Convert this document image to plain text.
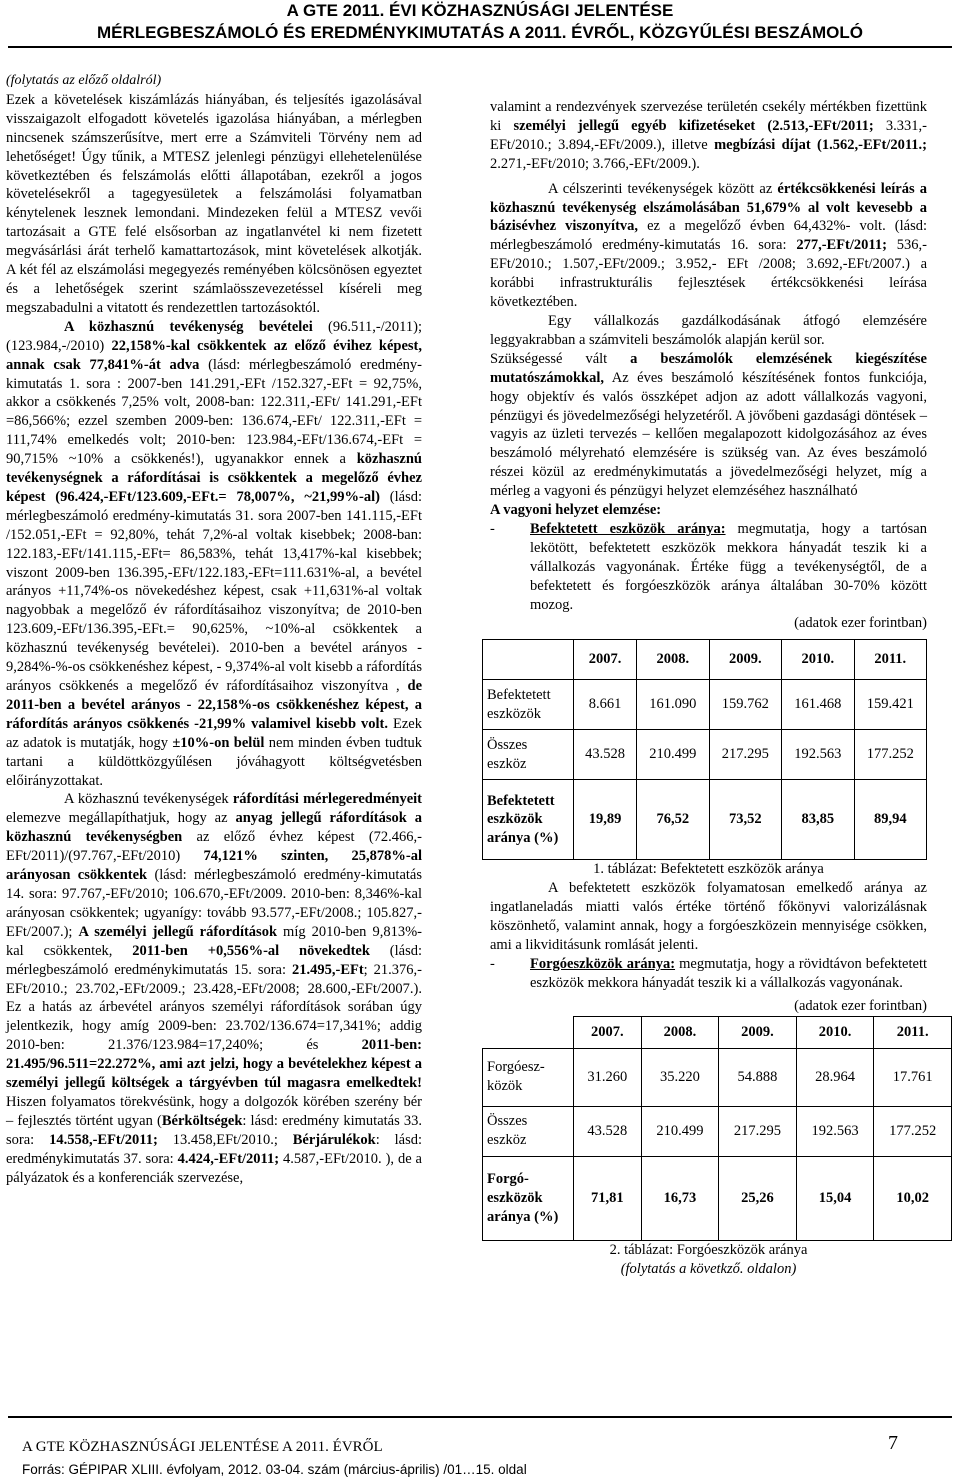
A GTE 2011. ÉVI KÖZHASZNÚSÁGI JELENTÉSE
MÉRLEGBESZÁMOLÓ ÉS EREDMÉNYKIMUTATÁS A 2011. ÉVRŐL, KÖZGYŰLÉSI BESZÁMOLÓ

(folytatás az előző oldalról)

Ezek a követelések kiszámlázás hiányában, és teljesítés igazolásával visszaigazolt elfogadott követelés igazolása hiányában, a mérlegben nincsenek számszerűsítve, mert erre a Számviteli Törvény nem ad lehetőséget! Úgy tűnik, a MTESZ jelenlegi pénzügyi ellehetelenülése következtében és felszámolás előtti állapotában, ezekről a jogos követelésekről a tagegyesületek a felszámolási folyamatban kénytelenek lesznek lemondani. Mindezeken felül a MTESZ vevői tartozásait a GTE felé elsősorban az ingatlanvétel ki nem fizetett megvásárlási árát terhelő kamattartozások, mint követelések alkotják. A két fél az elszámolási megegyezés reményében kölcsönösen egyeztet és a lehetőségek szerint számlaösszevezetéssel kíséreli meg megszabadulni a vitatott és rendezettlen tartozásoktól.

A közhasznú tevékenység bevételei (96.511,-/2011); (123.984,-/2010) 22,158%-kal csökkentek az előző évihez képest, annak csak 77,841%-át adva (lásd: mérlegbeszámoló eredmény-kimutatás 1. sora : 2007-ben 141.291,-EFt /152.327,-EFt = 92,75%, akkor a csökkenés 7,25% volt, 2008-ban: 122.311,-EFt/ 141.291,-EFt =86,566%; ezzel szemben 2009-ben: 136.674,-EFt/ 122.311,-EFt = 111,74% emelkedés volt; 2010-ben: 123.984,-EFt/136.674,-EFt = 90,715% ~10% a csökkenés!), ugyanakkor ennek a közhasznú tevékenységnek a ráfordításai is csökkentek a megelőző évhez képest (96.424,-EFt/123.609,-EFt.= 78,007%, ~21,99%-al) (lásd: mérlegbeszámoló eredmény-kimutatás 31. sora 2007-ben 141.115,-EFt /152.051,-EFt = 92,80%, tehát 7,2%-al voltak kisebbek; 2008-ban: 122.183,-EFt/141.115,-EFt= 86,583%, tehát 13,417%-kal kisebbek; viszont 2009-ben 136.395,-EFt/122.183,-EFt=111.631%-al, a bevétel arányos +11,74%-os növekedéshez képest, csak +11,631%-al voltak nagyobbak a megelőző év ráfordításaihoz viszonyítva; de 2010-ben 123.609,-EFt/136.395,-EFt.= 90,625%, ~10%-al csökkentek a közhasznú tevékenység bevételei). 2010-ben a bevétel arányos - 9,284%-%-os csökkenéshez képest, - 9,374%-al volt kisebb a ráfordítás arányos csökkenés a megelőző év ráfordításaihoz viszonyítva , de 2011-ben a bevétel arányos - 22,158%-os csökkenéshez képest, a ráfordítás arányos csökkenés -21,99% valamivel kisebb volt. Ezek az adatok is mutatják, hogy ±10%-on belül nem minden évben tudtuk tartani a küldöttközgyűlésen jóváhagyott költségvetésben előirányzottakat.

A közhasznú tevékenységek ráfordítási mérlegeredményeit elemezve megállapíthatjuk, hogy az anyag jellegű ráfordítások a közhasznú tevékenységben az előző évhez képest (72.466,-EFt/2011)/(97.767,-EFt/2010) 74,121% szinten, 25,878%-al arányosan csökkentek (lásd: mérlegbeszámoló eredmény-kimutatás 14. sora: 97.767,-EFt/2010; 106.670,-EFt/2009. 2010-ben: 8,346%-kal arányosan csökkentek; ugyanígy: tovább 93.577,-EFt/2008.; 105.827,-EFt/2007.); A személyi jellegű ráfordítások míg 2010-ben 9,813%-kal csökkentek, 2011-ben +0,556%-al növekedtek (lásd: mérlegbeszámoló eredménykimutatás 15. sora: 21.495,-EFt; 21.376,-EFt/2010.; 23.702,-EFt/2009.; 23.428,-EFt/2008; 28.600,-EFt/2007.). Ez a hatás az árbevétel arányos személyi ráfordítások sorában úgy jelentkezik, hogy amíg 2009-ben: 23.702/136.674=17,341%; addig 2010-ben: 21.376/123.984=17,240%; és 2011-ben: 21.495/96.511=22.272%, ami azt jelzi, hogy a bevételekhez képest a személyi jellegű költségek a tárgyévben túl magasra emelkedtek! Hiszen folyamatos törekvésünk, hogy a dolgozók körében szerény bér – fejlesztés történt ugyan (Bérköltségek: lásd: eredmény kimutatás 33. sora: 14.558,-EFt/2011; 13.458,EFt/2010.; Bérjárulékok: lásd: eredménykimutatás 37. sora: 4.424,-EFt/2011; 4.587,-EFt/2010. ), de a pályázatok és a konferenciák szervezése,

valamint a rendezvények szervezése területén csekély mértékben fizettünk ki személyi jellegű egyéb kifizetéseket (2.513,-EFt/2011; 3.331,-EFt/2010.; 3.894,-EFt/2009.), illetve megbízási díjat (1.562,-EFt/2011.; 2.271,-EFt/2010; 3.766,-EFt/2009.).

A célszerinti tevékenységek között az értékcsökkenési leírás a közhasznú tevékenység elszámolásában 51,679% al volt kevesebb a bázisévhez viszonyítva, ez a megelőző évben 64,432%- volt. (lásd: mérlegbeszámoló eredmény-kimutatás 16. sora: 277,-EFt/2011; 536,-EFt/2010.; 1.507,-EFt/2009.; 3.952,- EFt /2008; 3.692,-EFt/2007.) a korábbi infrastrukturális fejlesztések értékcsökkenési leírása következtében.

Egy vállalkozás gazdálkodásának átfogó elemzésére leggyakrabban a számviteli beszámolók alapján kerül sor.

Szükségessé vált a beszámolók elemzésének kiegészítése mutatószámokkal, Az éves beszámoló készítésének fontos funkciója, hogy objektív és valós összképet adjon az adott vállalkozás vagyoni, pénzügyi és jövedelmezőségi helyzetéről. A jövőbeni gazdasági döntések – vagyis az üzleti tervezés – kellően megalapozott kidolgozásához az éves beszámoló mélyreható elemzésére is szükség van. Az éves beszámoló részei közül az eredménykimutatás a jövedelmezőségi helyzet, míg a mérleg a vagyoni és pénzügyi helyzet elemzéséhez használható

A vagyoni helyzet elemzése:

- Befektetett eszközök aránya: megmutatja, hogy a tartósan lekötött, befektetett eszközök mekkora hányadát teszik ki a vállalkozás vagyonának. Értéke függ a tevékenységtől, de a befektetett és forgóeszközök aránya általában 30-70% között mozog.

(adatok ezer forintban)

	2007.	2008.	2009.	2010.	2011.
Befektetett eszközök	8.661	161.090	159.762	161.468	159.421
Összes eszköz	43.528	210.499	217.295	192.563	177.252
Befektetett eszközök aránya (%)	19,89	76,52	73,52	83,85	89,94

1. táblázat: Befektetett eszközök aránya

A befektetett eszközök folyamatosan emelkedő aránya az ingatlaneladás miatti valós értéke történő főkönyvi valorizálásnak köszönhető, valamint annak, hogy a forgóeszközein mennyisége csökken, ami a likviditásunk romlását jelenti.

- Forgóeszközök aránya: megmutatja, hogy a rövidtávon befektetett eszközök mekkora hányadát teszik ki a vállalkozás vagyonának.

(adatok ezer forintban)

	2007.	2008.	2009.	2010.	2011.
Forgóesz-közök	31.260	35.220	54.888	28.964	17.761
Összes eszköz	43.528	210.499	217.295	192.563	177.252
Forgó-eszközök aránya (%)	71,81	16,73	25,26	15,04	10,02

2. táblázat: Forgóeszközök aránya

(folytatás a követkző. oldalon)

A GTE KÖZHASZNÚSÁGI JELENTÉSE A 2011. ÉVRŐL	7
Forrás: GÉPIPAR XLIII. évfolyam, 2012. 03-04. szám (március-április) /01…15. oldal
